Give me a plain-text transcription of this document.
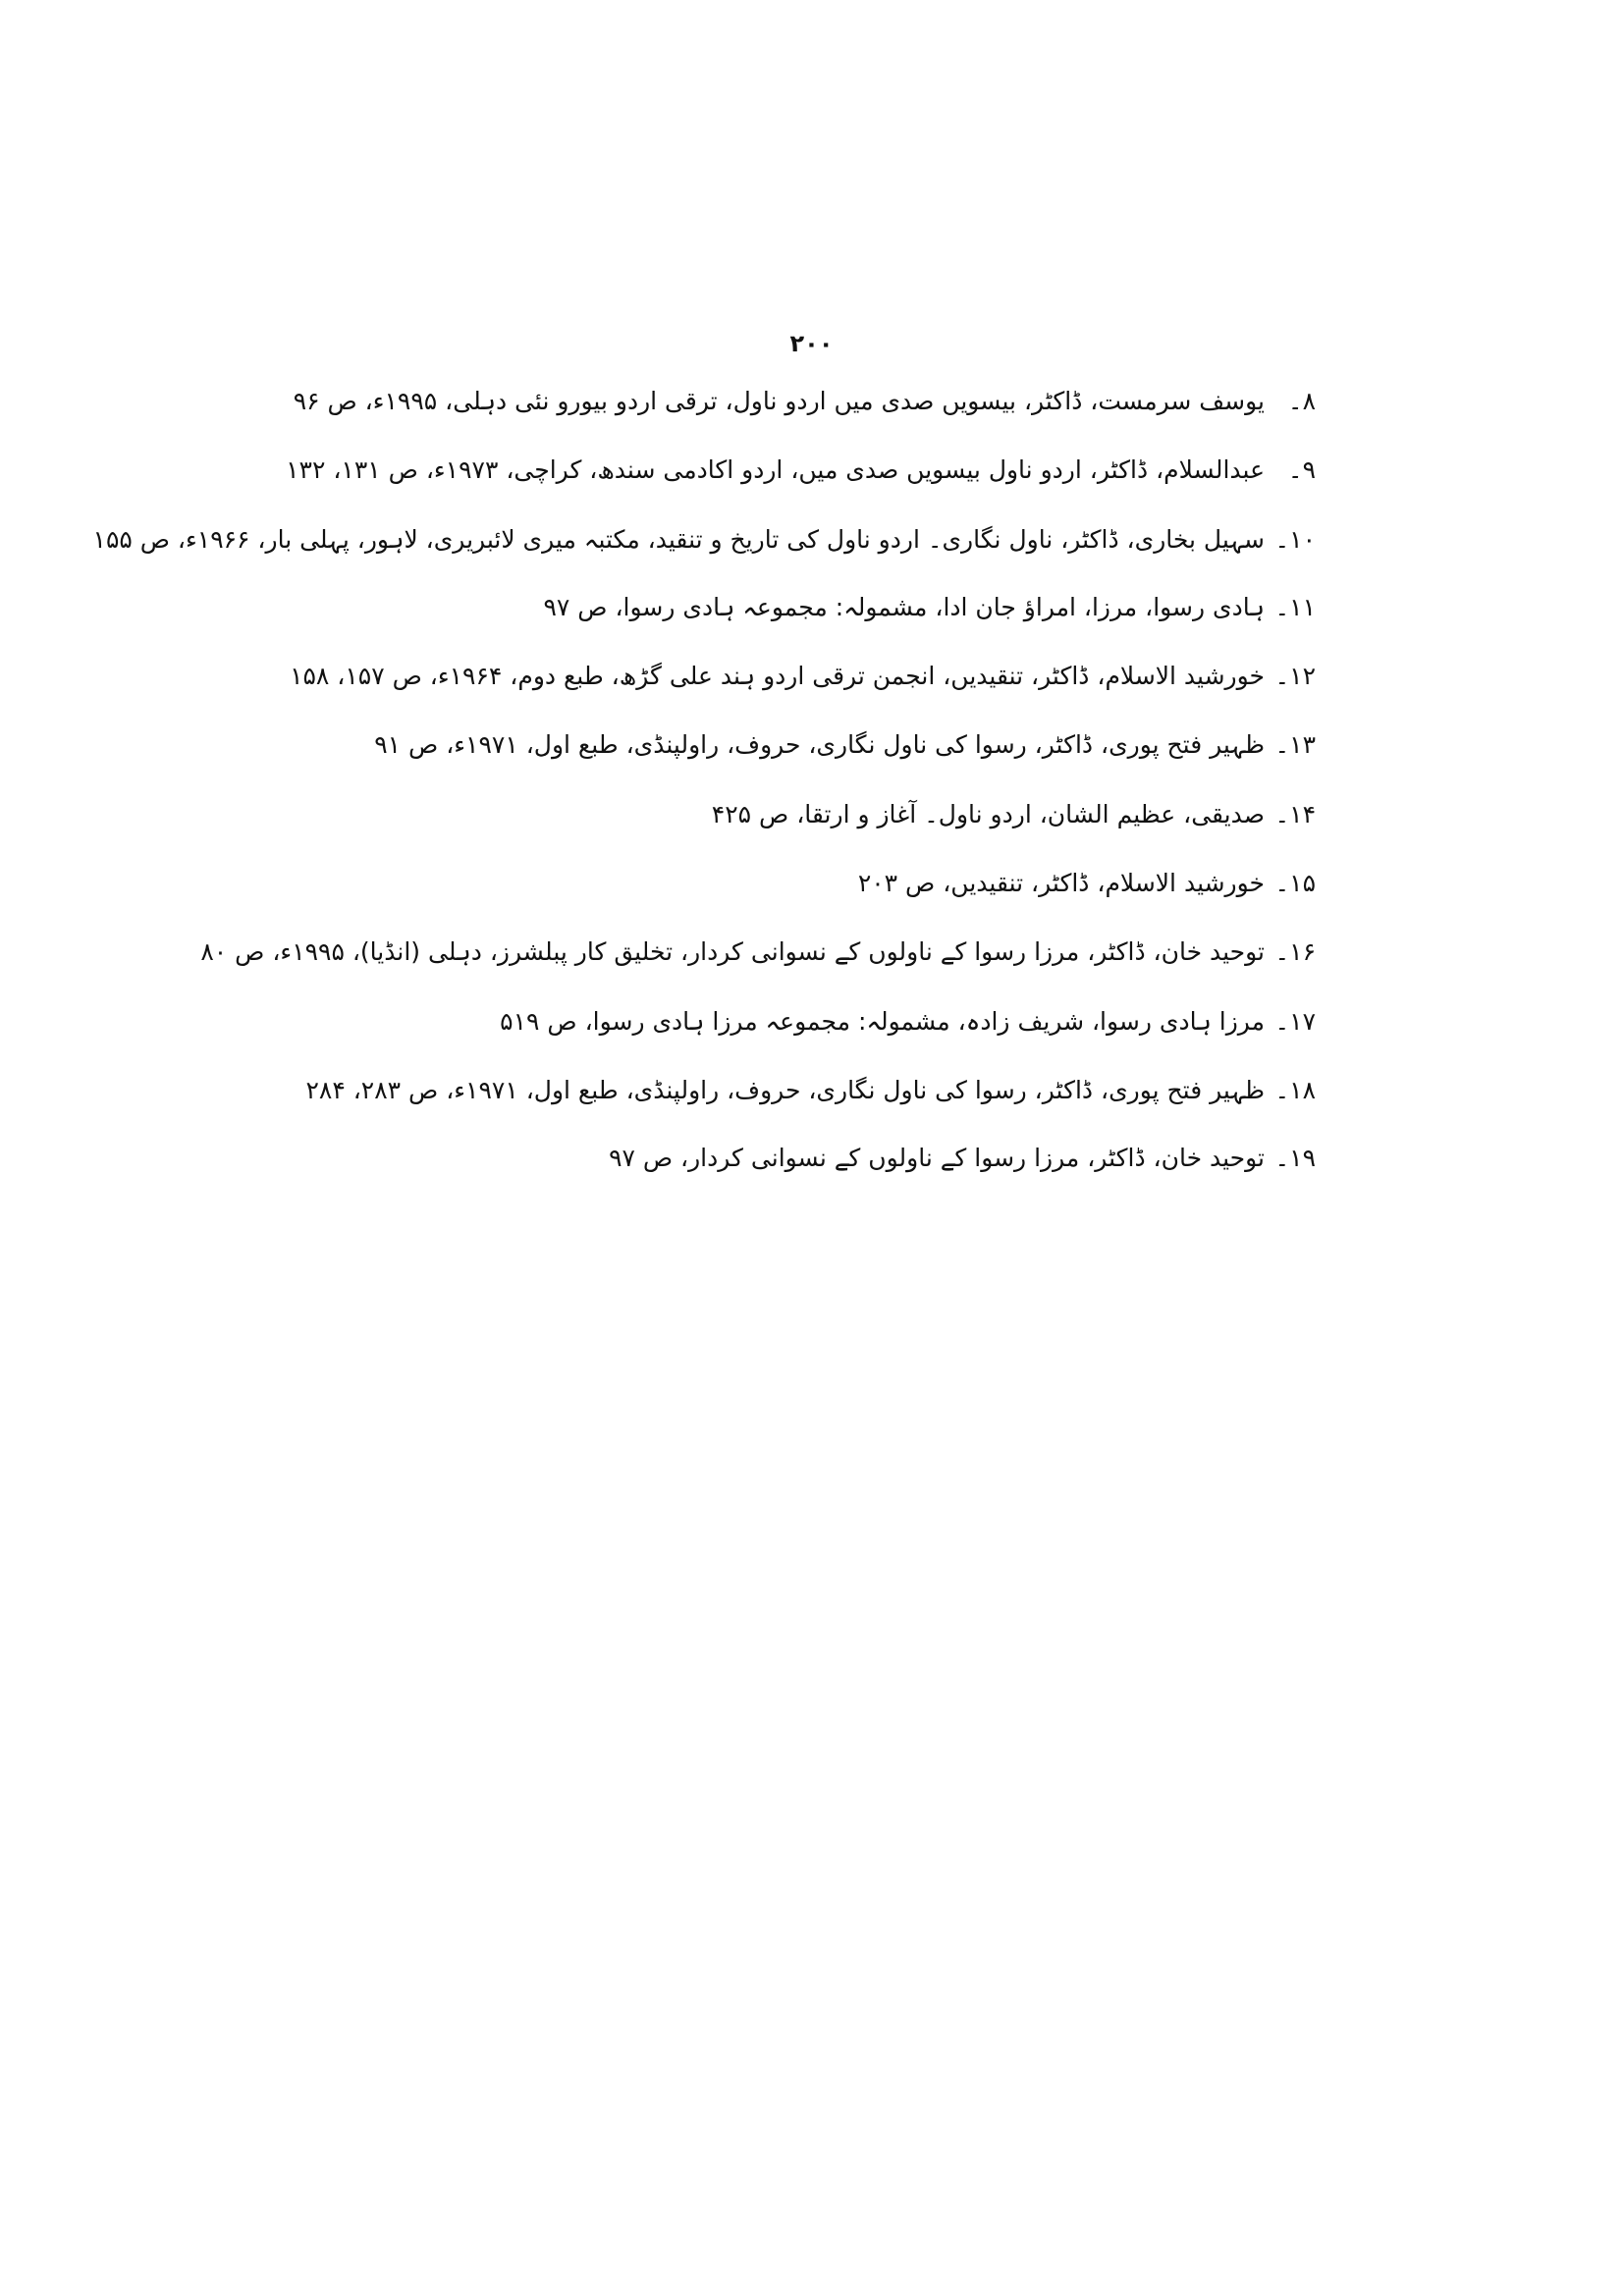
۲۰۰
۸۔
یوسف سرمست، ڈاکٹر، بیسویں صدی میں اردو ناول، ترقی اردو بیورو نئی دہلی، ۱۹۹۵ء، ص ۹۶
۹۔
عبدالسلام، ڈاکٹر، اردو ناول بیسویں صدی میں، اردو اکادمی سندھ، کراچی، ۱۹۷۳ء، ص ۱۳۱، ۱۳۲
۱۰۔
سہیل بخاری، ڈاکٹر، ناول نگاری۔ اردو ناول کی تاریخ و تنقید، مکتبہ میری لائبریری، لاہور، پہلی بار، ۱۹۶۶ء، ص ۱۵۵
۱۱۔
ہادی رسوا، مرزا، امراؤ جان ادا، مشمولہ: مجموعہ ہادی رسوا، ص ۹۷
۱۲۔
خورشید الاسلام، ڈاکٹر، تنقیدیں، انجمن ترقی اردو ہند علی گڑھ، طبع دوم، ۱۹۶۴ء، ص ۱۵۷، ۱۵۸
۱۳۔
ظہیر فتح پوری، ڈاکٹر، رسوا کی ناول نگاری، حروف، راولپنڈی، طبع اول، ۱۹۷۱ء، ص ۹۱
۱۴۔
صدیقی، عظیم الشان، اردو ناول۔ آغاز و ارتقا، ص ۴۲۵
۱۵۔
خورشید الاسلام، ڈاکٹر، تنقیدیں، ص ۲۰۳
۱۶۔
توحید خان، ڈاکٹر، مرزا رسوا کے ناولوں کے نسوانی کردار، تخلیق کار پبلشرز، دہلی (انڈیا)، ۱۹۹۵ء، ص ۸۰
۱۷۔
مرزا ہادی رسوا، شریف زادہ، مشمولہ: مجموعہ مرزا ہادی رسوا، ص ۵۱۹
۱۸۔
ظہیر فتح پوری، ڈاکٹر، رسوا کی ناول نگاری، حروف، راولپنڈی، طبع اول، ۱۹۷۱ء، ص ۲۸۳، ۲۸۴
۱۹۔
توحید خان، ڈاکٹر، مرزا رسوا کے ناولوں کے نسوانی کردار، ص ۹۷
